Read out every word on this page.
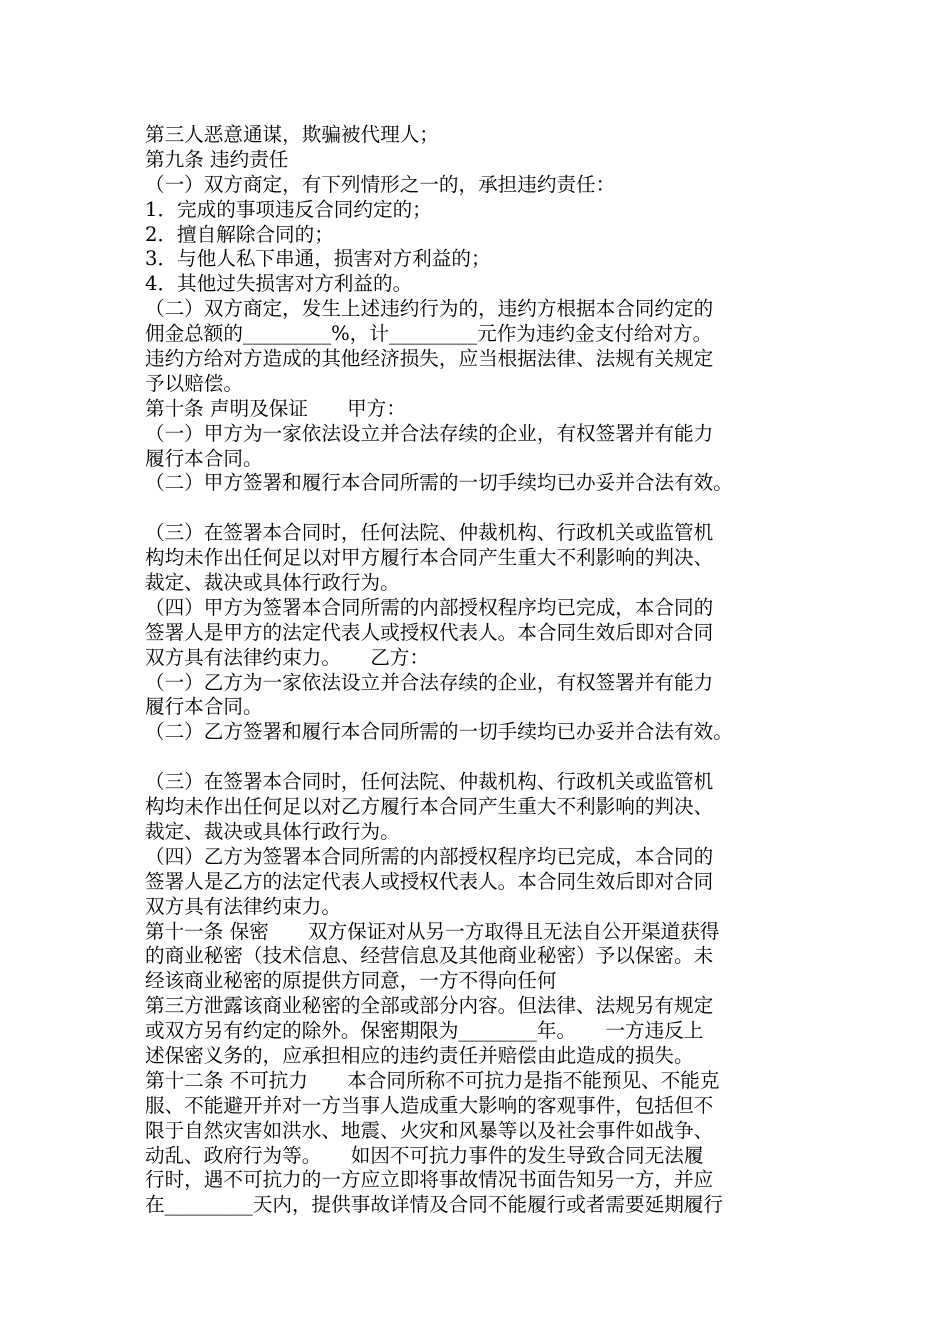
第三人恶意通谋，欺骗被代理人；
第九条 违约责任
（一）双方商定，有下列情形之一的，承担违约责任：
1．完成的事项违反合同约定的；
2．擅自解除合同的；
3．与他人私下串通，损害对方利益的；
4．其他过失损害对方利益的。
（二）双方商定，发生上述违约行为的，违约方根据本合同约定的
佣金总额的_________%，计_________元作为违约金支付给对方。
违约方给对方造成的其他经济损失，应当根据法律、法规有关规定
予以赔偿。
第十条 声明及保证　　甲方：
（一）甲方为一家依法设立并合法存续的企业，有权签署并有能力
履行本合同。
（二）甲方签署和履行本合同所需的一切手续均已办妥并合法有效。
（三）在签署本合同时，任何法院、仲裁机构、行政机关或监管机
构均未作出任何足以对甲方履行本合同产生重大不利影响的判决、
裁定、裁决或具体行政行为。
（四）甲方为签署本合同所需的内部授权程序均已完成，本合同的
签署人是甲方的法定代表人或授权代表人。本合同生效后即对合同
双方具有法律约束力。　　乙方：
（一）乙方为一家依法设立并合法存续的企业，有权签署并有能力
履行本合同。
（二）乙方签署和履行本合同所需的一切手续均已办妥并合法有效。
（三）在签署本合同时，任何法院、仲裁机构、行政机关或监管机
构均未作出任何足以对乙方履行本合同产生重大不利影响的判决、
裁定、裁决或具体行政行为。
（四）乙方为签署本合同所需的内部授权程序均已完成，本合同的
签署人是乙方的法定代表人或授权代表人。本合同生效后即对合同
双方具有法律约束力。
第十一条 保密　　双方保证对从另一方取得且无法自公开渠道获得
的商业秘密（技术信息、经营信息及其他商业秘密）予以保密。未
经该商业秘密的原提供方同意，一方不得向任何
第三方泄露该商业秘密的全部或部分内容。但法律、法规另有规定
或双方另有约定的除外。保密期限为________年。　　一方违反上
述保密义务的，应承担相应的违约责任并赔偿由此造成的损失。
第十二条 不可抗力　　本合同所称不可抗力是指不能预见、不能克
服、不能避开并对一方当事人造成重大影响的客观事件，包括但不
限于自然灾害如洪水、地震、火灾和风暴等以及社会事件如战争、
动乱、政府行为等。　　如因不可抗力事件的发生导致合同无法履
行时，遇不可抗力的一方应立即将事故情况书面告知另一方，并应
在_________天内，提供事故详情及合同不能履行或者需要延期履行
